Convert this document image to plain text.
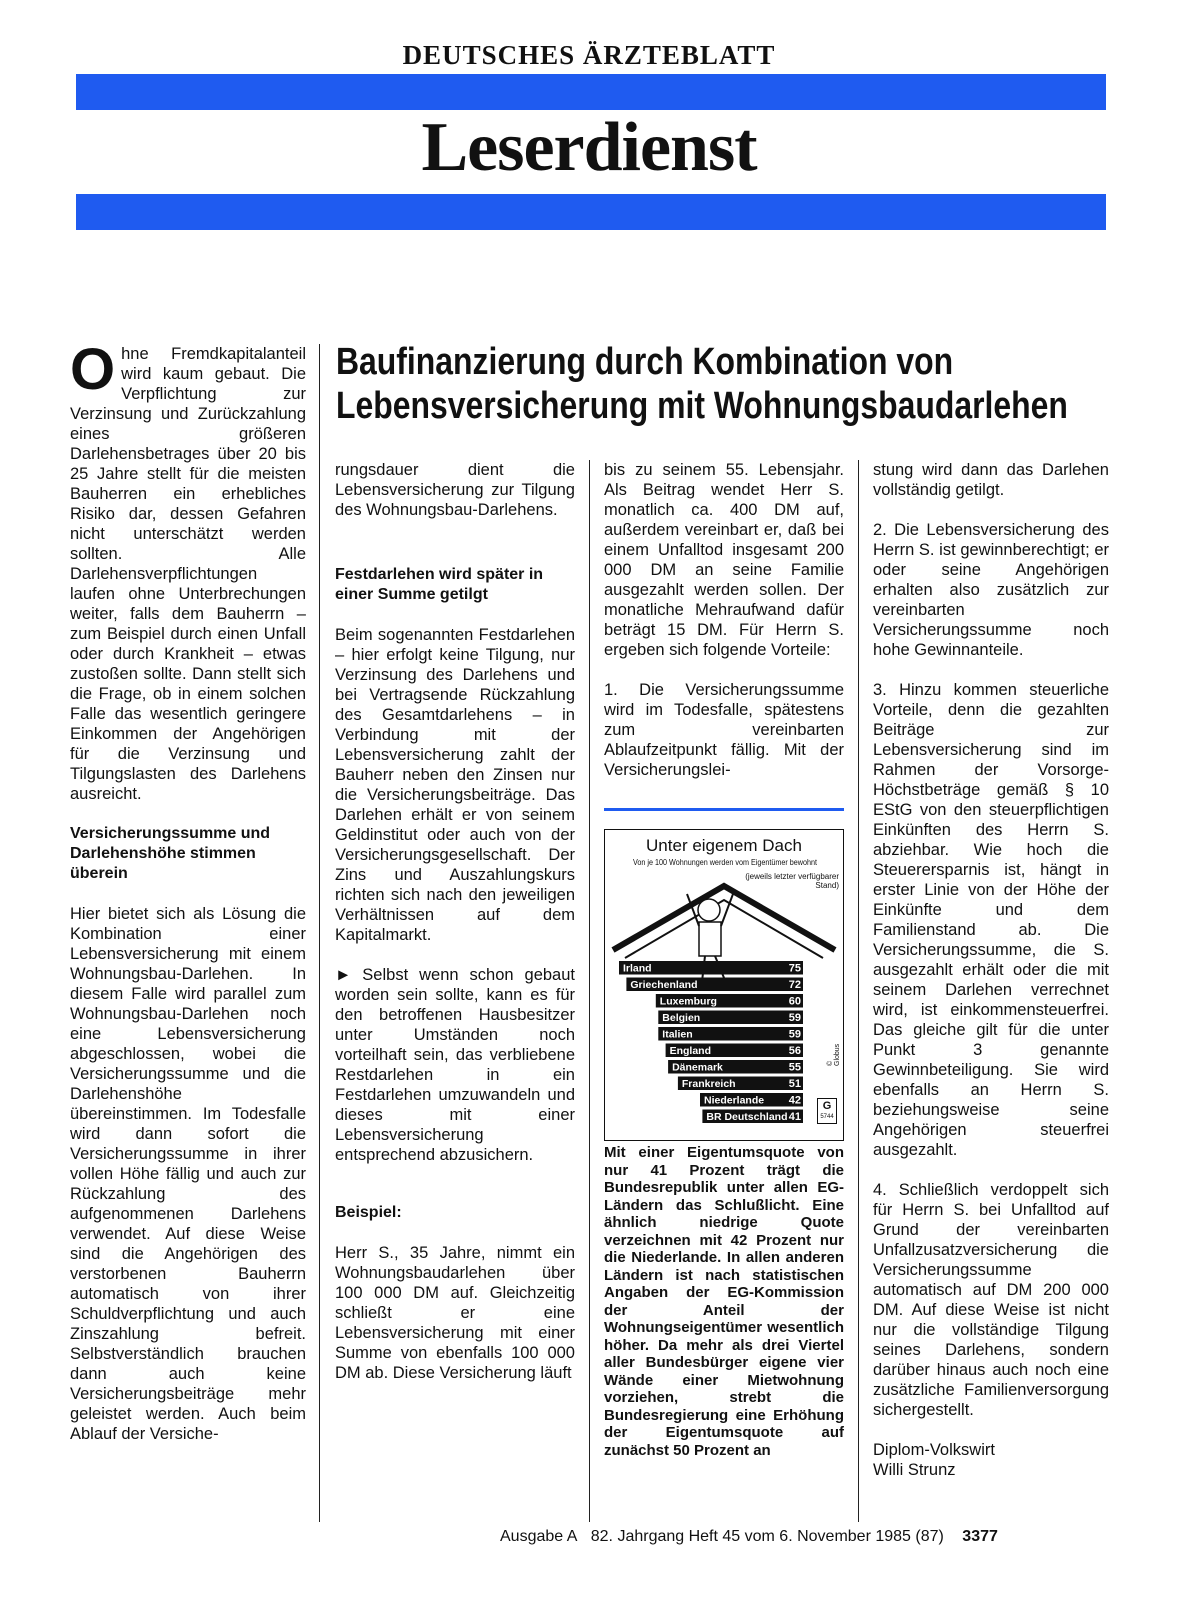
DEUTSCHES ÄRZTEBLATT
Leserdienst
Baufinanzierung durch Kombination von
Lebensversicherung mit Wohnungsbaudarlehen

Ohne Fremdkapitalanteil wird kaum gebaut. Die Verpflichtung zur Verzinsung und Zurückzahlung eines größeren Darlehensbetrages über 20 bis 25 Jahre stellt für die meisten Bauherren ein erhebliches Risiko dar, dessen Gefahren nicht unterschätzt werden sollten. Alle Darlehensverpflichtungen laufen ohne Unterbrechungen weiter, falls dem Bauherrn – zum Beispiel durch einen Unfall oder durch Krankheit – etwas zustoßen sollte. Dann stellt sich die Frage, ob in einem solchen Falle das wesentlich geringere Einkommen der Angehörigen für die Verzinsung und Tilgungslasten des Darlehens ausreicht.

Versicherungssumme und Darlehenshöhe stimmen überein

Hier bietet sich als Lösung die Kombination einer Lebensversicherung mit einem Wohnungsbau-Darlehen. In diesem Falle wird parallel zum Wohnungsbau-Darlehen noch eine Lebensversicherung abgeschlossen, wobei die Versicherungssumme und die Darlehenshöhe übereinstimmen. Im Todesfalle wird dann sofort die Versicherungssumme in ihrer vollen Höhe fällig und auch zur Rückzahlung des aufgenommenen Darlehens verwendet. Auf diese Weise sind die Angehörigen des verstorbenen Bauherrn automatisch von ihrer Schuldverpflichtung und auch Zinszahlung befreit. Selbstverständlich brauchen dann auch keine Versicherungsbeiträge mehr geleistet werden. Auch beim Ablauf der Versiche-

rungsdauer dient die Lebensversicherung zur Tilgung des Wohnungsbau-Darlehens.

Festdarlehen wird später in einer Summe getilgt

Beim sogenannten Festdarlehen – hier erfolgt keine Tilgung, nur Verzinsung des Darlehens und bei Vertragsende Rückzahlung des Gesamtdarlehens – in Verbindung mit der Lebensversicherung zahlt der Bauherr neben den Zinsen nur die Versicherungsbeiträge. Das Darlehen erhält er von seinem Geldinstitut oder auch von der Versicherungsgesellschaft. Der Zins und Auszahlungskurs richten sich nach den jeweiligen Verhältnissen auf dem Kapitalmarkt.

► Selbst wenn schon gebaut worden sein sollte, kann es für den betroffenen Hausbesitzer unter Umständen noch vorteilhaft sein, das verbliebene Restdarlehen in ein Festdarlehen umzuwandeln und dieses mit einer Lebensversicherung entsprechend abzusichern.

Beispiel:

Herr S., 35 Jahre, nimmt ein Wohnungsbaudarlehen über 100 000 DM auf. Gleichzeitig schließt er eine Lebensversicherung mit einer Summe von ebenfalls 100 000 DM ab. Diese Versicherung läuft

bis zu seinem 55. Lebensjahr. Als Beitrag wendet Herr S. monatlich ca. 400 DM auf, außerdem vereinbart er, daß bei einem Unfalltod insgesamt 200 000 DM an seine Familie ausgezahlt werden sollen. Der monatliche Mehraufwand dafür beträgt 15 DM. Für Herrn S. ergeben sich folgende Vorteile:

1. Die Versicherungssumme wird im Todesfalle, spätestens zum vereinbarten Ablaufzeitpunkt fällig. Mit der Versicherungslei-

Irland	75
Griechenland	72
Luxemburg	60
Belgien	59
Italien	59
England	56
Dänemark	55
Frankreich	51
Niederlande 42
BR Deutschland 41
Unter eigenem Dach
Von je 100 Wohnungen werden vom Eigentümer bewohnt
(jeweils letzter verfügbarer Stand)
© Globus
G
5744
Mit einer Eigentumsquote von nur 41 Prozent trägt die Bundesrepublik unter allen EG-Ländern das Schlußlicht. Eine ähnlich niedrige Quote verzeichnen mit 42 Prozent nur die Niederlande. In allen anderen Ländern ist nach statistischen Angaben der EG-Kommission der Anteil der Wohnungseigentümer wesentlich höher. Da mehr als drei Viertel aller Bundesbürger eigene vier Wände einer Mietwohnung vorziehen, strebt die Bundesregierung eine Erhöhung der Eigentumsquote auf zunächst 50 Prozent an

stung wird dann das Darlehen vollständig getilgt.

2. Die Lebensversicherung des Herrn S. ist gewinnberechtigt; er oder seine Angehörigen erhalten also zusätzlich zur vereinbarten Versicherungssumme noch hohe Gewinnanteile.

3. Hinzu kommen steuerliche Vorteile, denn die gezahlten Beiträge zur Lebensversicherung sind im Rahmen der Vorsorge-Höchstbeträge gemäß § 10 EStG von den steuerpflichtigen Einkünften des Herrn S. abziehbar. Wie hoch die Steuerersparnis ist, hängt in erster Linie von der Höhe der Einkünfte und dem Familienstand ab. Die Versicherungssumme, die S. ausgezahlt erhält oder die mit seinem Darlehen verrechnet wird, ist einkommensteuerfrei. Das gleiche gilt für die unter Punkt 3 genannte Gewinnbeteiligung. Sie wird ebenfalls an Herrn S. beziehungsweise seine Angehörigen steuerfrei ausgezahlt.

4. Schließlich verdoppelt sich für Herrn S. bei Unfalltod auf Grund der vereinbarten Unfallzusatzversicherung die Versicherungssumme automatisch auf DM 200 000 DM. Auf diese Weise ist nicht nur die vollständige Tilgung seines Darlehens, sondern darüber hinaus auch noch eine zusätzliche Familienversorgung sichergestellt.

Diplom-Volkswirt
Willi Strunz
Ausgabe A 82. Jahrgang Heft 45 vom 6. November 1985 (87) 3377
